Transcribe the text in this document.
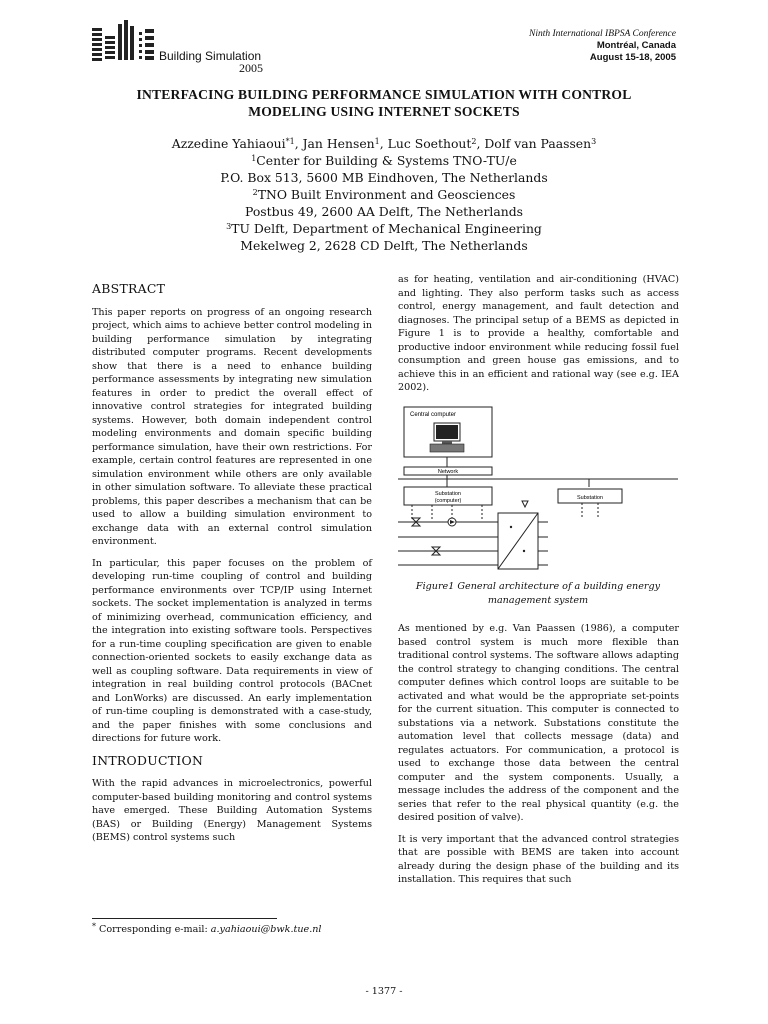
Building Simulation
2005
Ninth International IBPSA Conference
Montréal, Canada
August 15-18, 2005
INTERFACING BUILDING PERFORMANCE SIMULATION WITH CONTROL
MODELING USING INTERNET SOCKETS
Azzedine Yahiaoui$^{*1}$, Jan Hensen$^1$, Luc Soethout$^2$, Dolf van Paassen$^3$
$^1$Center for Building & Systems TNO-TU/e
P.O. Box 513, 5600 MB Eindhoven, The Netherlands
$^2$TNO Built Environment and Geosciences
Postbus 49, 2600 AA Delft, The Netherlands
$^3$TU Delft, Department of Mechanical Engineering
Mekelweg 2, 2628 CD Delft, The Netherlands
ABSTRACT

This paper reports on progress of an ongoing research project, which aims to achieve better control modeling in building performance simulation by integrating distributed computer programs. Recent developments show that there is a need to enhance building performance assessments by integrating new simulation features in order to predict the overall effect of innovative control strategies for integrated building systems. However, both domain independent control modeling environments and domain specific building performance simulation, have their own restrictions. For example, certain control features are represented in one simulation environment while others are only available in other simulation software. To alleviate these practical problems, this paper describes a mechanism that can be used to allow a building simulation environment to exchange data with an external control simulation environment.

In particular, this paper focuses on the problem of developing run-time coupling of control and building performance environments over TCP/IP using Internet sockets. The socket implementation is analyzed in terms of minimizing overhead, communication efficiency, and the integration into existing software tools. Perspectives for a run-time coupling specification are given to enable connection-oriented sockets to easily exchange data as well as coupling software. Data requirements in view of integration in real building control protocols (BACnet and LonWorks) are discussed. An early implementation of run-time coupling is demonstrated with a case-study, and the paper finishes with some conclusions and directions for future work.

INTRODUCTION

With the rapid advances in microelectronics, powerful computer-based building monitoring and control systems have emerged. These Building Automation Systems (BAS) or Building (Energy) Management Systems (BEMS) control systems such

as for heating, ventilation and air-conditioning (HVAC) and lighting. They also perform tasks such as access control, energy management, and fault detection and diagnoses. The principal setup of a BEMS as depicted in Figure 1 is to provide a healthy, comfortable and productive indoor environment while reducing fossil fuel consumption and green house gas emissions, and to achieve this in an efficient and rational way (see e.g. IEA 2002).

Central computer
Network
Substation
(computer)	Substation
Figure1 General architecture of a building energy
management system

As mentioned by e.g. Van Paassen (1986), a computer based control system is much more flexible than traditional control systems. The software allows adapting the control strategy to changing conditions. The central computer defines which control loops are suitable to be activated and what would be the appropriate set-points for the current situation. This computer is connected to substations via a network. Substations constitute the automation level that collects message (data) and regulates actuators. For communication, a protocol is used to exchange those data between the central computer and the system components. Usually, a message includes the address of the component and the series that refer to the real physical quantity (e.g. the desired position of valve).

It is very important that the advanced control strategies that are possible with BEMS are taken into account already during the design phase of the building and its installation. This requires that such

* Corresponding e-mail: a.yahiaoui@bwk.tue.nl
- 1377 -
